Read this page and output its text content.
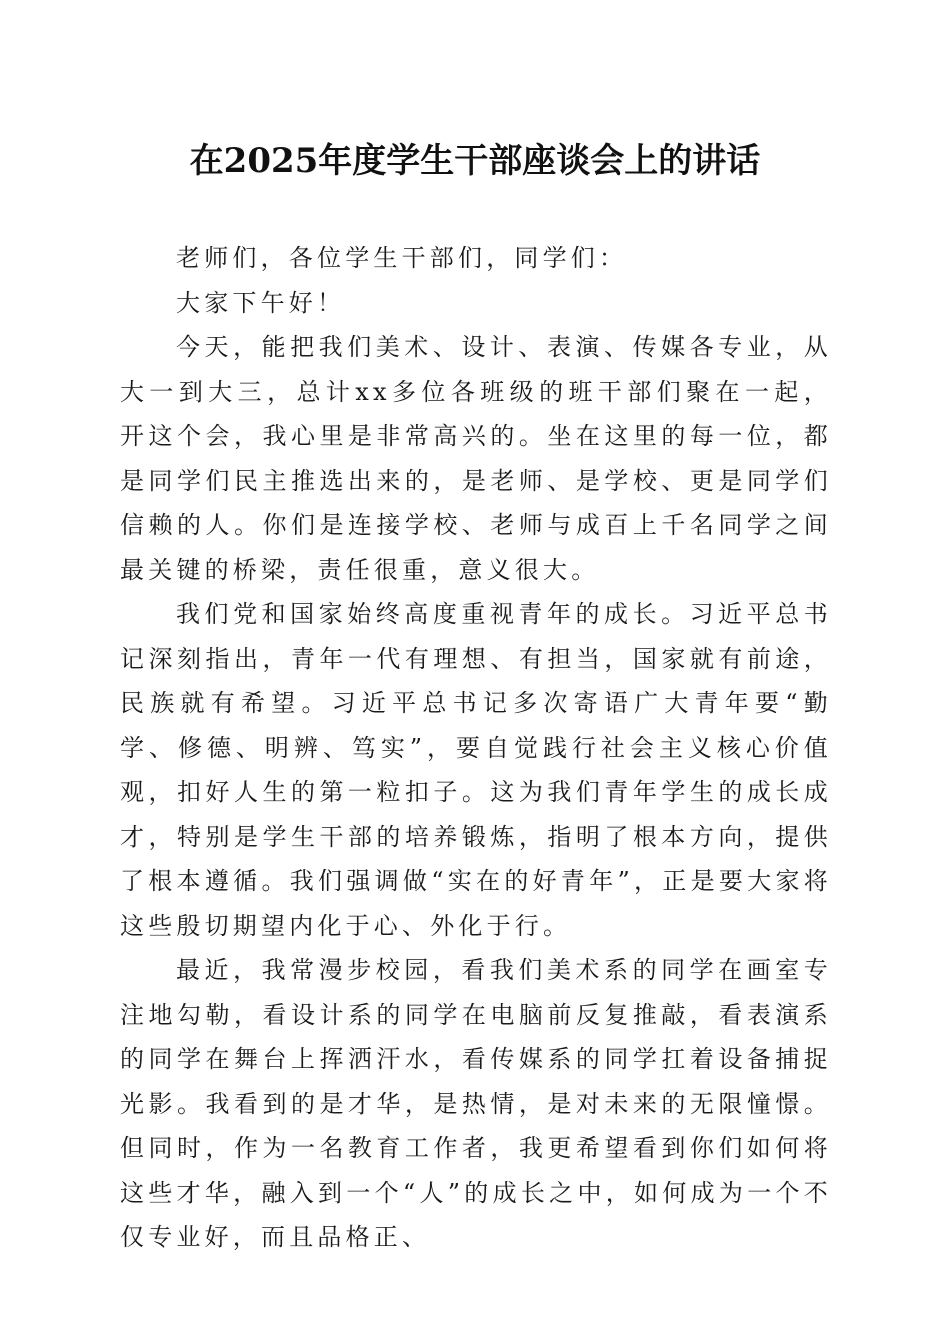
在2025年度学生干部座谈会上的讲话

老师们，各位学生干部们，同学们：

大家下午好！

今天，能把我们美术、设计、表演、传媒各专业，从大一到大三，总计xx多位各班级的班干部们聚在一起，开这个会，我心里是非常高兴的。坐在这里的每一位，都是同学们民主推选出来的，是老师、是学校、更是同学们信赖的人。你们是连接学校、老师与成百上千名同学之间最关键的桥梁，责任很重，意义很大。

我们党和国家始终高度重视青年的成长。习近平总书记深刻指出，青年一代有理想、有担当，国家就有前途，民族就有希望。习近平总书记多次寄语广大青年要“勤学、修德、明辨、笃实”，要自觉践行社会主义核心价值观，扣好人生的第一粒扣子。这为我们青年学生的成长成才，特别是学生干部的培养锻炼，指明了根本方向，提供了根本遵循。我们强调做“实在的好青年”，正是要大家将这些殷切期望内化于心、外化于行。

最近，我常漫步校园，看我们美术系的同学在画室专注地勾勒，看设计系的同学在电脑前反复推敲，看表演系的同学在舞台上挥洒汗水，看传媒系的同学扛着设备捕捉光影。我看到的是才华，是热情，是对未来的无限憧憬。但同时，作为一名教育工作者，我更希望看到你们如何将这些才华，融入到一个“人”的成长之中，如何成为一个不仅专业好，而且品格正、
